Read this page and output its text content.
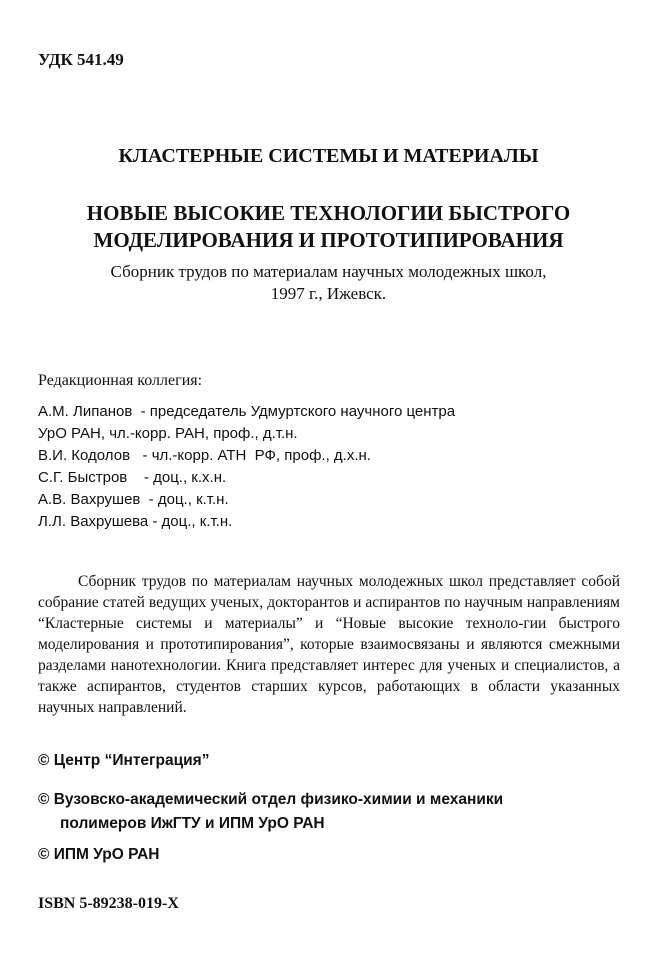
УДК 541.49
КЛАСТЕРНЫЕ СИСТЕМЫ И МАТЕРИАЛЫ
НОВЫЕ ВЫСОКИЕ ТЕХНОЛОГИИ БЫСТРОГО
МОДЕЛИРОВАНИЯ И ПРОТОТИПИРОВАНИЯ
Сборник трудов по материалам научных молодежных школ,
1997 г., Ижевск.
Редакционная коллегия:
А.М. Липанов  - председатель Удмуртского научного центра
УрО РАН, чл.-корр. РАН, проф., д.т.н.
В.И. Кодолов   - чл.-корр. АТН  РФ, проф., д.х.н.
С.Г. Быстров    - доц., к.х.н.
А.В. Вахрушев  - доц., к.т.н.
Л.Л. Вахрушева - доц., к.т.н.
Сборник трудов по материалам научных молодежных школ представляет собой собрание статей ведущих ученых, докторантов и аспирантов по научным направлениям “Кластерные системы и материалы” и “Новые высокие техноло-гии быстрого моделирования и прототипирования”, которые взаимосвязаны и являются смежными разделами нанотехнологии. Книга представляет интерес для ученых и специалистов, а также аспирантов, студентов старших курсов, работающих в области указанных научных направлений.
© Центр “Интеграция”
© Вузовско-академический отдел физико-химии и механики
полимеров ИжГТУ и ИПМ УрО РАН
© ИПМ УрО РАН
ISBN 5-89238-019-X
